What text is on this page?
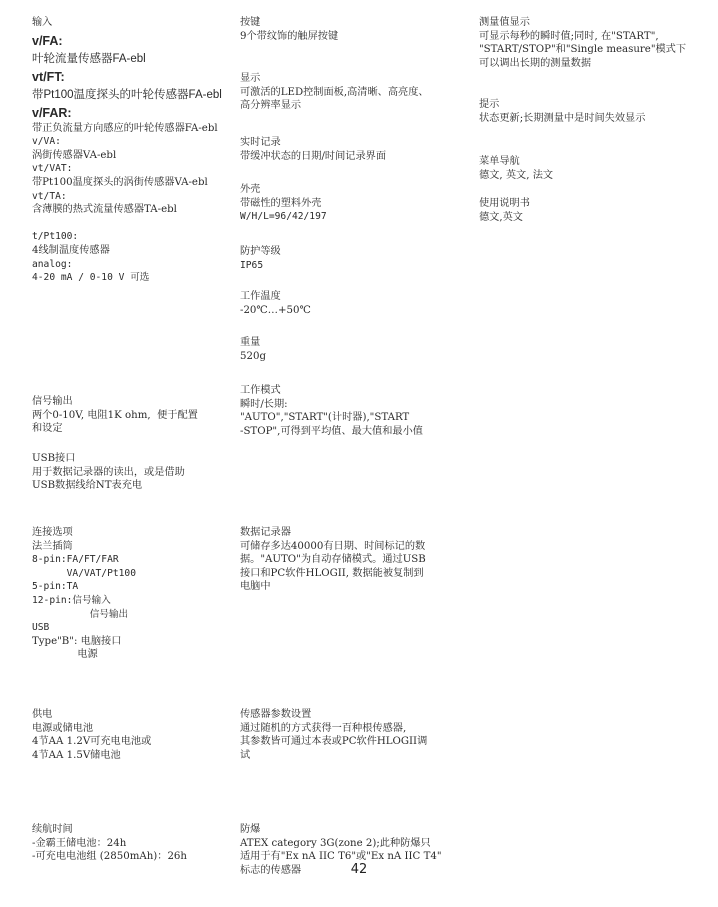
输入
v/FA:
叶轮流量传感器FA-ebl
vt/FT:
带Pt100温度探头的叶轮传感器FA-ebl
v/FAR:
带正负流量方向感应的叶轮传感器FA-ebl
v/VA:
涡街传感器VA-ebl
vt/VAT:
带Pt100温度探头的涡街传感器VA-ebl
vt/TA:
含薄膜的热式流量传感器TA-ebl

t/Pt100:
4线制温度传感器
analog:
4-20 mA / 0-10 V 可选
信号输出
两个0-10V, 电阻1K ohm,  便于配置
和设定
USB接口
用于数据记录器的读出，或是借助
USB数据线给NT表充电
连接选项
法兰插筒
8-pin:FA/FT/FAR
VA/VAT/Pt100
5-pin:TA
12-pin:信号输入
信号输出
USB
Type"B": 电脑接口
电源
供电
电源或储电池
4节AA 1.2V可充电电池或
4节AA 1.5V储电池
续航时间
-金霸王储电池：24h
-可充电电池组 (2850mAh)：26h
按键
9个带纹饰的触屏按键
显示
可激活的LED控制面板,高清晰、高亮度、
高分辨率显示
实时记录
带缓冲状态的日期/时间记录界面
外壳
带磁性的塑料外壳
W/H/L=96/42/197
防护等级
IP65
工作温度
-20℃…+50℃
重量
520g
工作模式
瞬时/长期:
"AUTO","START"(计时器),"START
-STOP",可得到平均值、最大值和最小值
数据记录器
可储存多达40000有日期、时间标记的数
据。"AUTO"为自动存储模式。通过USB
接口和PC软件HLOGII, 数据能被复制到
电脑中
传感器参数设置
通过随机的方式获得一百种根传感器,
其参数皆可通过本表或PC软件HLOGII调
试
防爆
ATEX category 3G(zone 2);此种防爆只
适用于有"Ex nA IIC T6"或"Ex nA IIC T4"
标志的传感器
测量值显示
可显示每秒的瞬时值;同时, 在"START",
"START/STOP"和"Single measure"模式下
可以调出长期的测量数据
提示
状态更新;长期测量中是时间失效显示
菜单导航
德文, 英文, 法文
使用说明书
德文,英文
42
